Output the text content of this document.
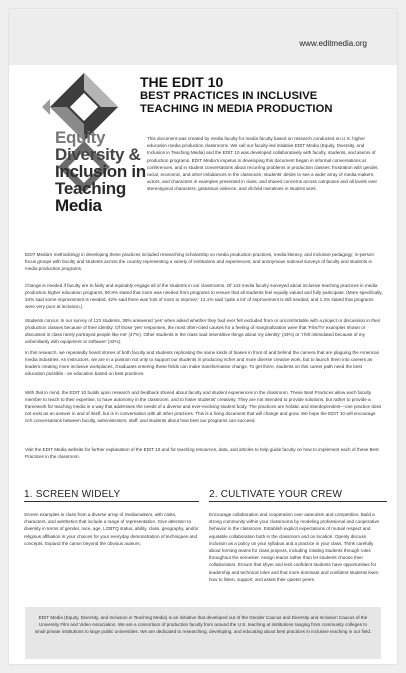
www.editmedia.org
Equity
Diversity &
Inclusion in
Teaching
Media
THE EDIT 10
BEST PRACTICES IN INCLUSIVE
TEACHING IN MEDIA PRODUCTION
This document was created by media faculty for media faculty based on research conducted on U.S. higher education media production classrooms. We call our faculty-led initiative EDIT Media (Equity, Diversity, and Inclusion in Teaching Media) and the EDIT 10 was developed collaboratively with faculty, students, and alumni of production programs. EDIT Media's impetus in developing this document began in informal conversations at conferences, and in student conversations about recurring problems in production classes: frustration with gender, racial, economic, and other imbalances in the classroom; students' desire to see a wider array of media-makers, actors, and characters in examples presented in class; and shared concerns across campuses and all levels over stereotypical characters, gratuitous violence, and clichéd narratives in student work.
EDIT Media's methodology in developing these practices included researching scholarship on media production practices, media literacy, and inclusive pedagogy; in-person focus groups with faculty and students across the country representing a variety of institutions and experiences; and anonymous national surveys of faculty and students in media production programs.
Change is needed if faculty are to fairly and equitably engage all of the students in our classrooms. Of 143 media faculty surveyed about inclusive teaching practices in media production higher education programs, 90.8% stated that more was needed from programs to ensure that all students feel equally valued and fully participate. (More specifically, 34% said some improvement is needed, 42% said there was 'lots of room to improve,' 12.1% said 'quite a lot' of improvement is still needed, and 1.3% stated that programs were very poor at inclusion.)
Students concur. In our survey of 123 students, 38% answered 'yes' when asked whether they had ever felt excluded from or uncomfortable with a project or discussion in their production classes because of their identity. Of those 'yes' responses, the most often-cited causes for a feeling of marginalization were that 'Film/TV examples shown or discussed in class rarely portrayed people like me' (47%). Other students in the class said insensitive things about my identity' (43%) or 'I felt intimidated because of my unfamiliarity with equipment or software' (42%).
In this research, we repeatedly heard stories of both faculty and students replicating the same kinds of biases in front of and behind the camera that are plaguing the American media industries. As instructors, we are in a position not only to support our students in producing richer and more diverse creative work, but to launch them into careers as leaders creating more inclusive workplaces. Graduates entering these fields can make transformative change. To get there, students on this career path need the best education possible - an education based on best practices.
With that in mind, the EDIT 10 builds upon research and feedback shared about faculty and student experiences in the classroom. These Best Practices allow each faculty member to teach to their expertise, to have autonomy in the classroom, and to foster students' creativity. They are not intended to provide solutions, but rather to provide a framework for teaching media in a way that addresses the needs of a diverse and ever-evolving student body. The practices are holistic and interdependent—one practice does not exist as an answer in and of itself, but is in conversation with all other practices. This is a living document that will change and grow. We hope the EDIT 10 will encourage rich conversations between faculty, administrators, staff, and students about how best our programs can succeed.
Visit the EDIT Media website for further explanation of the EDIT 10 and for teaching resources, data, and articles to help guide faculty on how to implement each of these Best Practices in the classroom.
1. SCREEN WIDELY
Screen examples in class from a diverse array of mediamakers, with casts, characters, and aesthetics that include a range of representation. Give attention to diversity in terms of gender, race, age, LGBTQ status, ability, class, geography, and/or religious affiliation in your choices for your everyday demonstration of techniques and concepts. Expand the canon beyond the obvious auteurs.
2. CULTIVATE YOUR CREW
Encourage collaboration and cooperation over auteurism and competition. Build a strong community within your classrooms by modeling professional and cooperative behavior in the classroom. Establish explicit expectations of mutual respect and equitable collaboration both in the classroom and on location. Openly discuss inclusion as a policy on your syllabus and a practice in your class. Think carefully about forming teams for class projects, including rotating students through roles throughout the semester. Assign teams rather than let students choose their collaborators. Ensure that shyer and less confident students have opportunities for leadership and technical roles and that more dominant and confident students learn how to listen, support, and assist their quieter peers.
EDIT Media (Equity, Diversity, and Inclusion in Teaching Media) is an initiative that developed out of the Gender Caucus and Diversity and Inclusion Caucus of the University Film and Video Association. We are a consortium of production faculty from around the U.S. teaching at institutions ranging from community colleges to small private institutions to large public universities. We are dedicated to researching, developing, and educating about best practices in inclusive teaching in our field.
